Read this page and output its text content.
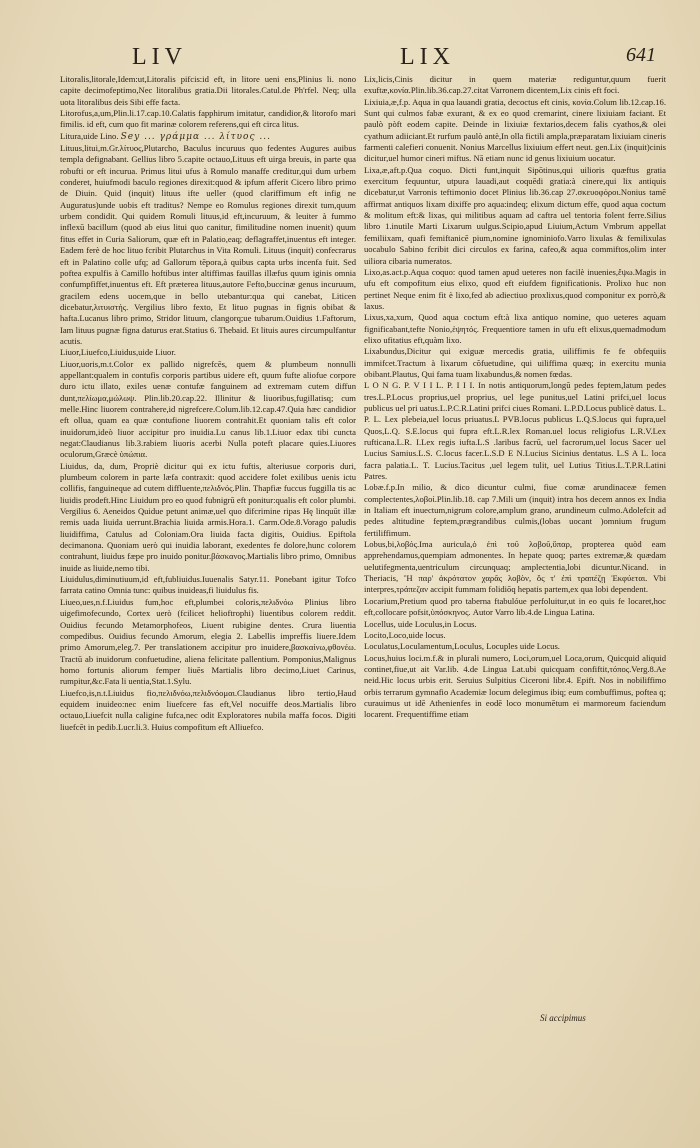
LIV	LIX	641

Litoralis,litorale,Idem:ut,Litoralis pifcis:id eft, in litore ueni ens,Plinius li. nono capite decimofeptimo,Nec litoralibus gratia.Dii litorales.Catul.de Ph'rfel. Neq; ulla uota litoralibus deis Sibi effe facta.

Litorofus,a,um,Plin.li.17.cap.10.Calatis fapphirum imitatur, candidior,& litorofo mari fimilis. id eft, cum quo fit marinæ colorem referens,qui eft circa litus.

Litura,uide Lino. Sey ... γράμμα ... λίτυος ...

Lituus,litui,m.Gr.λίτυος,Plutarcho, Baculus incuruus quo fedentes Augures auibus templa defignabant. Gellius libro 5.capite octauo,Lituus eft uirga breuis, in parte qua robufti or eft incurua. Primus litui ufus à Romulo manaffe creditur,qui dum urbem conderet, huiufmodi baculo regiones direxit:quod & ipfum afferit Cicero libro primo de Diuin. Quid (inquit) lituus ifte ueller (quod clariffimum eft infig ne Auguratus)unde uobis eft traditus? Nempe eo Romulus regiones direxit tum,quum urbem condidit. Qui quidem Romuli lituus,id eft,incuruum, & leuiter à fummo inflexū bacillum (quod ab eius litui quo canitur, fimilitudine nomen inuenit) quum fitus effet in Curia Saliorum, quæ eft in Palatio,eaq; deflagraffet,inuentus eft integer. Eadem ferè de hoc lituo fcribit Plutarchus in Vita Romuli. Lituus (inquit) confecrarus eft in Palatino colle ufq; ad Gallorum tēpora,à quibus capta urbs incenfa fuit. Sed poftea expulfis à Camillo hoftibus inter altiffimas fauillas illæfus quum iginis omnia confumpfiffet,inuentus eft. Eft præterea lituus,autore Fefto,buccinæ genus incuruum, gracilem edens uocem,que in bello utebantur:qua qui canebat, Liticen dicebatur,λιτυιστής. Vergilius libro fexto, Et lituo pugnas in fignis obibat & hafta.Lucanus libro primo, Stridor lituum, clangorq;ue tubarum.Ouidius 1.Faftorum, Iam lituus pugnæ figna daturus erat.Statius 6. Thebaid. Et lituis aures circumpulfantur acutis.

Liuor,Liuefco,Liuidus,uide Liuor.

Liuor,uoris,m.t.Color ex pallido nigrefcēs, quem & plumbeum nonnulli appellant:qualem in contufis corporis partibus uidere eft, quum fufte aliofue corpore duro ictu illato, exiles uenæ contufæ fanguinem ad extremam cutem diffun dunt,πελίωμα,μώλωψ. Plin.lib.20.cap.22. Illinitur & liuoribus,fugillatisq; cum melle.Hinc liuorem contrahere,id nigrefcere.Colum.lib.12.cap.47.Quia hæc candidior eft ollua, quam ea quæ contufione liuorem contrahit.Et quoniam talis eft color inuidorum,ideò liuor accipitur pro inuidia.Lu canus lib.1.Liuor edax tibi cuncta negat:Claudianus lib.3.rabiem liuoris acerbi Nulla poteft placare quies.Liuores oculorum,Græcè ὑπώπια.

Liuidus, da, dum, Propriè dicitur qui ex ictu fuftis, alteriusue corporis duri, plumbeum colorem in parte læfa contraxit: quod accidere folet exilibus uenis ictu collifis, fanguineque ad cutem diffluente,πελιδνός.Plin. Thapfiæ fuccus fuggilla tis ac liuidis prodeft.Hinc Liuidum pro eo quod fubnigrū eft ponitur:qualis eft color plumbi. Vergilius 6. Aeneidos Quidue petunt animæ,uel quo difcrimine ripas Hę linquūt illæ remis uada liuida uerrunt.Brachia liuida armis.Hora.1. Carm.Ode.8.Vorago paludis liuidiffima, Catulus ad Coloniam.Ora liuida facta digitis, Ouidius. Epiftola decimanona. Quoniam uerò qui inuidia laborant, exedentes fe dolore,hunc colorem contrahunt, liuidus fæpe pro inuido ponitur.βάσκανος.Martialis libro primo, Omnibus inuide as liuide,nemo tibi.

Liuidulus,diminutiuum,id eft,fubliuidus.Iuuenalis Satyr.11. Ponebant igitur Tofco farrata catino Omnia tunc: quibus inuideas,fi liuidulus fis.

Liueo,ues,n.f.Liuidus fum,hoc eft,plumbei coloris,πελιδνόω Plinius libro uigefimofecundo, Cortex uerò (fcilicet helioftrophi) liuentibus colorem reddit. Ouidius fecundo Metamorphofeos, Liuent rubigine dentes. Crura liuentia compedibus. Ouidius fecundo Amorum, elegia 2. Labellis impreffis liuere.Idem primo Amorum,eleg.7. Per translationem accipitur pro inuidere,βασκαίνω,φθονέω. Tractū ab inuidorum confuetudine, aliena felicitate pallentium. Pomponius,Malignus homo fortunis aliorum femper liuēs Martialis libro decimo,Liuet Carinus, rumpitur,&c.Fata li uentia,Stat.1.Sylu.

Liuefco,is,n.t.Liuidus fio,πελιδνόω,πελιδνόομαι.Claudianus libro tertio,Haud equidem inuideo:nec enim liuefcere fas eft,Vel nocuiffe deos.Martialis libro octauo,Liuefcit nulla caligine fufca,nec odit Exploratores nubila maffa focos. Digiti liuefcēt in pedib.Lucr.li.3. Huius compofitum eft Alliuefco.

Lix,licis,Cinis dicitur in quem materiæ rediguntur,quum fuerit exuftæ,κονία.Plin.lib.36.cap.27.citat Varronem dicentem,Lix cinis eft foci.

Lixiuia,æ,f.p. Aqua in qua lauandi gratia, decoctus eft cinis, κονία.Colum lib.12.cap.16. Sunt qui culmos fabæ exurant, & ex eo quod cremarint, cinere lixiuiam faciant. Et paulò pòft eodem capite. Deinde in lixiuiæ fextarios,decem falis cyathos,& olei cyathum adiiciant.Et rurfum paulò antè,In olla fictili ampla,præparatam lixiuiam cineris farmenti calefieri conuenit. Nonius Marcellus lixiuium effert neut. gen.Lix (inquit)cinis dicitur,uel humor cineri miftus. Nā etiam nunc id genus lixiuium uocatur.

Lixa,æ,aft.p.Qua coquo. Dicti funt,inquit Sipōtinus,qui uilioris quæftus gratia exercitum fequuntur, utpura lauadi,aut coquēdi gratia:à cinere,qui lix antiquis dicebatur,ut Varronis teftimonio docet Plinius lib.36.cap 27.σκευοφόροι.Nonius tamē affirmat antiquos lixam dixiffe pro aqua:indeq; elixum dictum effe, quod aqua coctum & molitum eft:& lixas, qui militibus aquam ad caftra uel tentoria folent ferre.Silius libro 1.inutile Marti Lixarum uulgus.Scipio,apud Liuium,Actum Vmbrum appellat femiliixam, quafi femiftanicē pium,nomine ignominiofo.Varro lixulas & femilixulas uocabulo Sabino fcribit dici circulos ex farina, cafeo,& aqua commiftos,olim inter uiliora cibaria numeratos.

Lixo,as.act.p.Aqua coquo: quod tamen apud ueteres non facilè inuenies,ἕψω.Magis in ufu eft compofitum eius elixo, quod eft eiufdem fignificationis. Prolixo huc non pertinet Neque enim fit è lixo,fed ab adiectiuo proxlixus,quod componitur ex porrò,& laxus.

Lixus,xa,xum, Quod aqua coctum eft:à lixa antiquo nomine, quo ueteres aquam fignificabant,tefte Nonio,ἑψητός. Frequentiore tamen in ufu eft elixus,quemadmodum elixo ufitatius eft,quàm lixo.

Lixabundus,Dicitur qui exiguæ mercedis gratia, uiliffimis fe fe obfequiis immifcet.Tractum à lixarum cõfuetudine, qui uiliffima quæq; in exercitu munia obibant.Plautus, Qui fama tuam lixabundus,& nomen fœdas.

L O N G. P. V I I L. P. I I I. In notis antiquorum,longū pedes feptem,latum pedes tres.L.P.Locus proprius,uel proprius, uel lege punitus,uel Latini prifci,uel locus publicus uel pri uatus.L.P.C.R.Latini prifci ciues Romani. L.P.D.Locus publicè datus. L. P. L. Lex plebeia,uel locus priuatus.L PVB.locus publicus L.Q.S.locus qui fupra,uel Quos,L.Q. S.E.locus qui fupra eft.L.R.lex Roman.uel locus religiofus L.R.V.Lex rufticana.L.R. I.Lex regis iufta.L.S .laribus facrū, uel facrorum,uel locus Sacer uel Lucius Samius.L.S. C.locus facer.L.S.D E N.Lucius Sicinius dentatus. L.S A L. loca facra palatia.L. T. Lucius.Tacitus ,uel legem tulit, uel Lutius Titius.L.T.P.R.Latini Patres.

Lobæ.f.p.In milio, & dico dicuntur culmi, fiue comæ arundinaceæ femen complectentes,λοβοί.Plin.lib.18. cap 7.Mili um (inquit) intra hos decem annos ex India in Italiam eft inuectum,nigrum colore,amplum grano, arundineum culmo.Adolefcit ad pedes altitudine feptem,prægrandibus culmis,(lobas uocant )omnium frugum fertiliffimum.

Lobus,bi,λοβός.Ima auricula,ὁ ἐπὶ τοῦ λοβοῦ,ὕπαρ, propterea quòd eam apprehendamus,quempiam admonentes. In hepate quoq; partes extremæ,& quædam uelutifegmenta,uentriculum circunquaq; amplectentia,lobi dicuntur.Nicand. in Theriacis, Ἢ παρ' ἀκρότατον χαρᾶς λοβὸν, ὅς τ' ἐπὶ τραπέζῃ Ἐκφύεται. Vbi interpres,τράπεζαν accipit fummam folidiōq hepatis partem,ex qua lobi dependent.

Locarium,Pretium quod pro taberna ftabulóue perfoluitur,ut in eo quis fe locaret,hoc eft,collocare pofsit,ὑπόσκηνος. Autor Varro lib.4.de Lingua Latina.

Locellus, uide Loculus,in Locus.

Locito,Loco,uide locus.

Loculatus,Loculamentum,Loculus, Locuples uide Locus.

Locus,huius loci.m.f.& in plurali numero, Loci,orum,uel Loca,orum, Quicquid aliquid continet,fiue,ut ait Var.lib. 4.de Lingua Lat.ubi quicquam confiftit,τόπος.Verg.8.Ae neid.Hic locus urbis erit. Seruius Sulpitius Ciceroni libr.4. Epift. Nos in nobiliffimo orbis terrarum gymnafio Academiæ locum delegimus ibiq; eum combuffimus, poftea q; curauimus ut idē Athenienfes in eodē loco monumētum ei marmoreum faciendum locarent. Frequentiffime etiam

Si accipimus
